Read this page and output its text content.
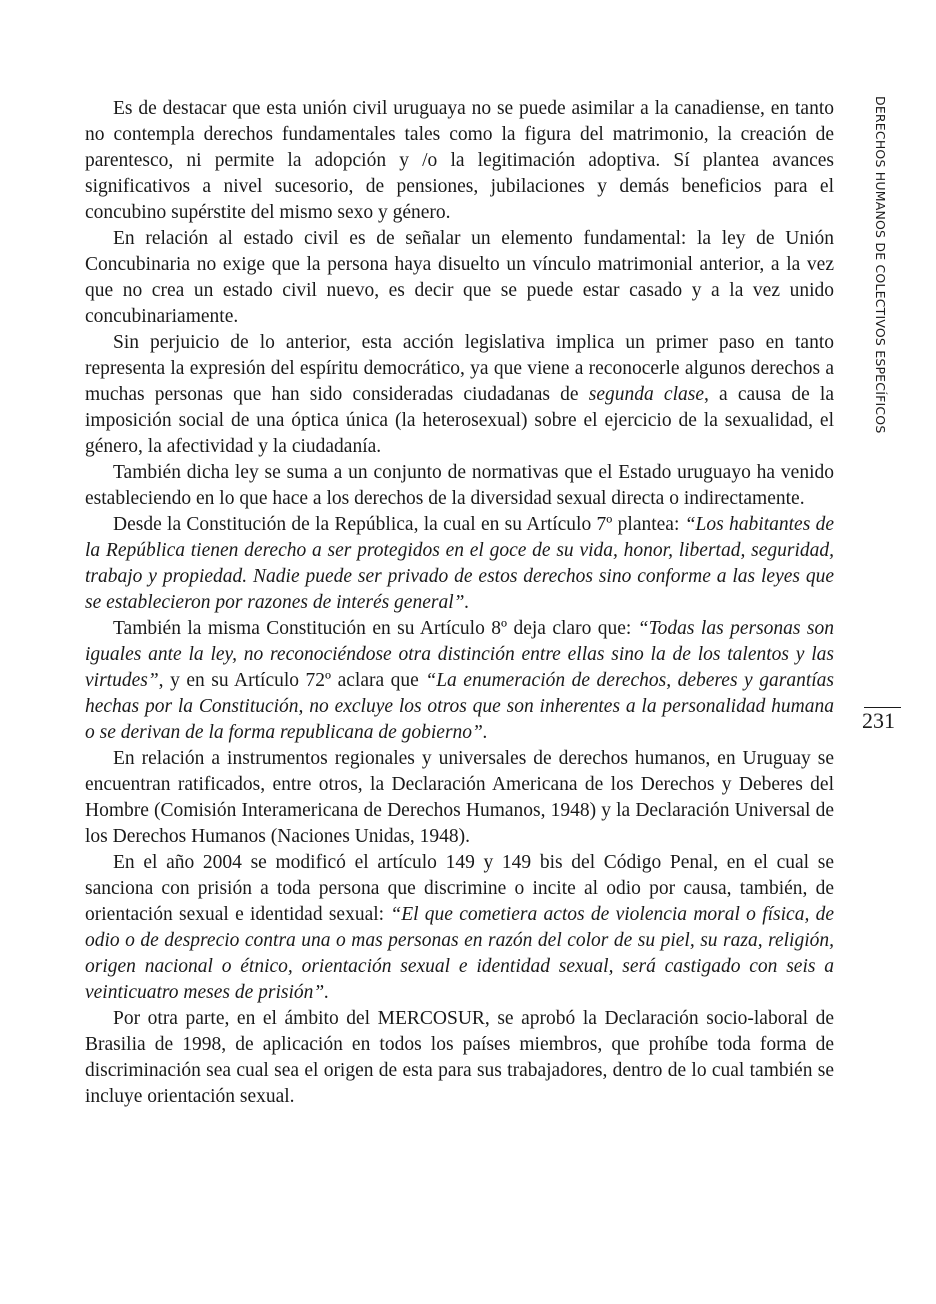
Es de destacar que esta unión civil uruguaya no se puede asimilar a la canadiense, en tanto no contempla derechos fundamentales tales como la figura del matrimonio, la creación de parentesco, ni permite la adopción y /o la legitimación adoptiva. Sí plantea avances significativos a nivel sucesorio, de pensiones, jubilaciones y demás beneficios para el concubino supérstite del mismo sexo y género.

En relación al estado civil es de señalar un elemento fundamental: la ley de Unión Concubinaria no exige que la persona haya disuelto un vínculo matrimonial anterior, a la vez que no crea un estado civil nuevo, es decir que se puede estar casado y a la vez unido concubinariamente.

Sin perjuicio de lo anterior, esta acción legislativa implica un primer paso en tanto representa la expresión del espíritu democrático, ya que viene a reconocerle algunos derechos a muchas personas que han sido consideradas ciudadanas de segunda clase, a causa de la imposición social de una óptica única (la heterosexual) sobre el ejercicio de la sexualidad, el género, la afectividad y la ciudadanía.

También dicha ley se suma a un conjunto de normativas que el Estado uruguayo ha venido estableciendo en lo que hace a los derechos de la diversidad sexual directa o indirectamente.

Desde la Constitución de la República, la cual en su Artículo 7º plantea: “Los habitantes de la República tienen derecho a ser protegidos en el goce de su vida, honor, libertad, seguridad, trabajo y propiedad. Nadie puede ser privado de estos derechos sino conforme a las leyes que se establecieron por razones de interés general”.

También la misma Constitución en su Artículo 8º deja claro que: “Todas las personas son iguales ante la ley, no reconociéndose otra distinción entre ellas sino la de los talentos y las virtudes”, y en su Artículo 72º aclara que “La enumeración de derechos, deberes y garantías hechas por la Constitución, no excluye los otros que son inherentes a la personalidad humana o se derivan de la forma republicana de gobierno”.

En relación a instrumentos regionales y universales de derechos humanos, en Uruguay se encuentran ratificados, entre otros, la Declaración Americana de los Derechos y Deberes del Hombre (Comisión Interamericana de Derechos Humanos, 1948) y la Declaración Universal de los Derechos Humanos (Naciones Unidas, 1948).

En el año 2004 se modificó el artículo 149 y 149 bis del Código Penal, en el cual se sanciona con prisión a toda persona que discrimine o incite al odio por causa, también, de orientación sexual e identidad sexual: “El que cometiera actos de violencia moral o física, de odio o de desprecio contra una o mas personas en razón del color de su piel, su raza, religión, origen nacional o étnico, orientación sexual e identidad sexual, será castigado con seis a veinticuatro meses de prisión”.

Por otra parte, en el ámbito del MERCOSUR, se aprobó la Declaración socio-laboral de Brasilia de 1998, de aplicación en todos los países miembros, que prohíbe toda forma de discriminación sea cual sea el origen de esta para sus trabajadores, dentro de lo cual también se incluye orientación sexual.

DERECHOS HUMANOS DE COLECTIVOS ESPECÍFICOS
231
